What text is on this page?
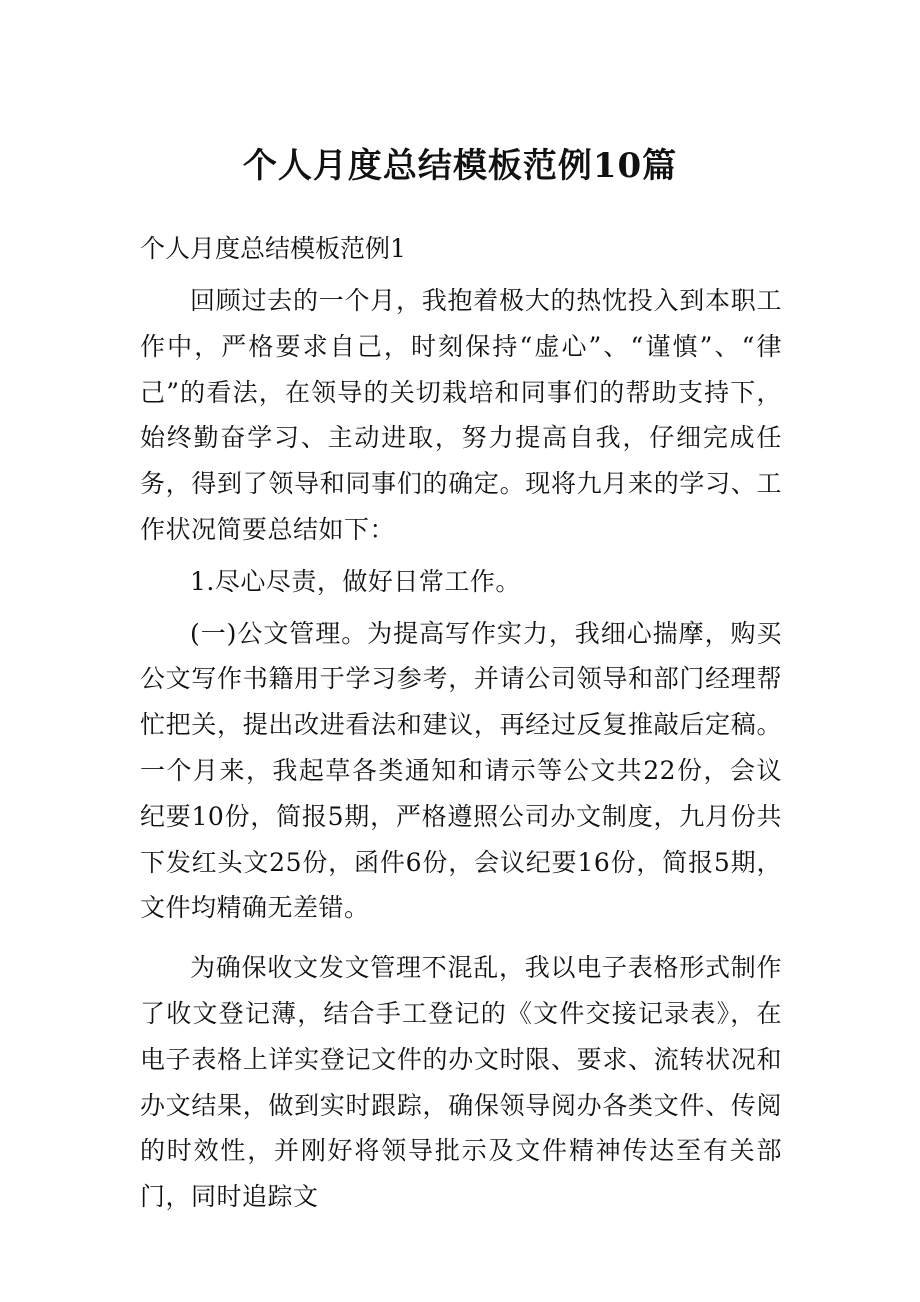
个人月度总结模板范例10篇

个人月度总结模板范例1

回顾过去的一个月，我抱着极大的热忱投入到本职工作中，严格要求自己，时刻保持“虚心”、“谨慎”、“律己”的看法，在领导的关切栽培和同事们的帮助支持下，始终勤奋学习、主动进取，努力提高自我，仔细完成任务，得到了领导和同事们的确定。现将九月来的学习、工作状况简要总结如下：

1.尽心尽责，做好日常工作。

(一)公文管理。为提高写作实力，我细心揣摩，购买公文写作书籍用于学习参考，并请公司领导和部门经理帮忙把关，提出改进看法和建议，再经过反复推敲后定稿。一个月来，我起草各类通知和请示等公文共22份，会议纪要10份，简报5期，严格遵照公司办文制度，九月份共下发红头文25份，函件6份，会议纪要16份，简报5期，文件均精确无差错。

为确保收文发文管理不混乱，我以电子表格形式制作了收文登记薄，结合手工登记的《文件交接记录表》，在电子表格上详实登记文件的办文时限、要求、流转状况和办文结果，做到实时跟踪，确保领导阅办各类文件、传阅的时效性，并刚好将领导批示及文件精神传达至有关部门，同时追踪文
